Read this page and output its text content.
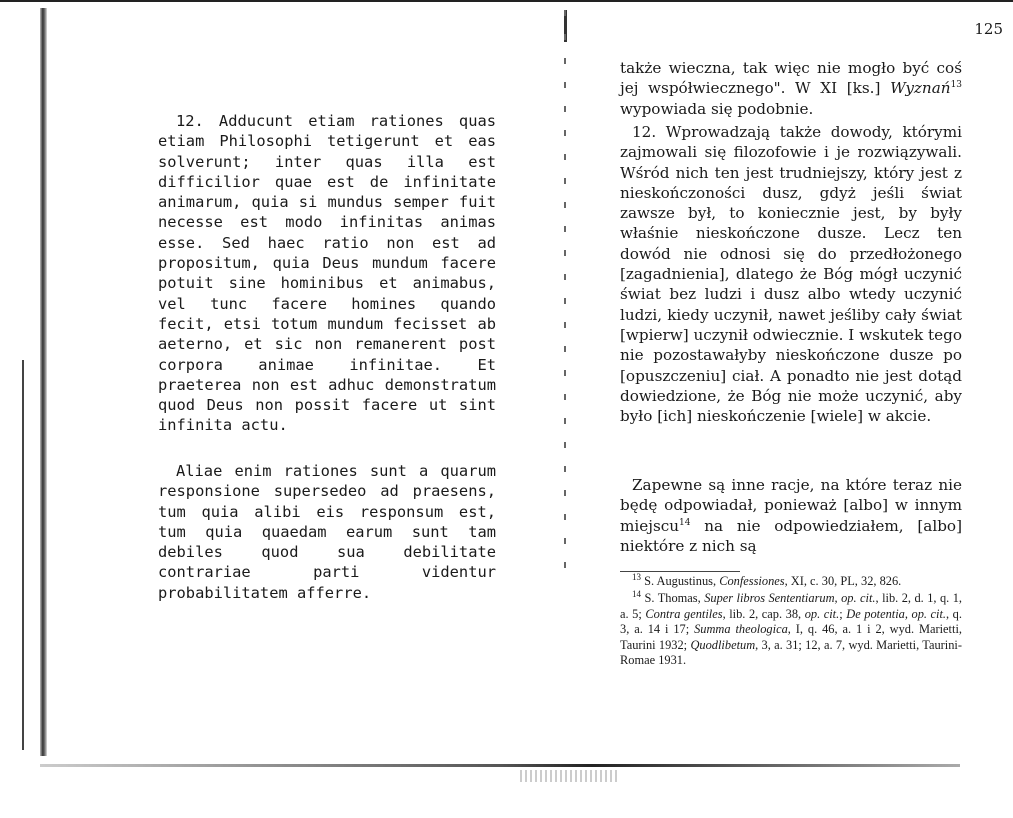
125

12. Adducunt etiam rationes quas etiam Philosophi tetigerunt et eas solverunt; inter quas illa est difficilior quae est de infinitate animarum, quia si mundus semper fuit necesse est modo infinitas animas esse. Sed haec ratio non est ad propositum, quia Deus mundum facere potuit sine hominibus et animabus, vel tunc facere homines quando fecit, etsi totum mundum fecisset ab aeterno, et sic non remanerent post corpora animae infinitae. Et praeterea non est adhuc demonstratum quod Deus non possit facere ut sint infinita actu.

Aliae enim rationes sunt a quarum responsione supersedeo ad praesens, tum quia alibi eis responsum est, tum quia quaedam earum sunt tam debiles quod sua debilitate contrariae parti videntur probabilitatem afferre.

także wieczna, tak więc nie mogło być coś jej współwiecznego". W XI [ks.] Wyznań$^{13}$ wypowiada się podobnie.

12. Wprowadzają także dowody, którymi zajmowali się filozofowie i je rozwiązywali. Wśród nich ten jest trudniejszy, który jest z nieskończoności dusz, gdyż jeśli świat zawsze był, to koniecznie jest, by były właśnie nieskończone dusze. Lecz ten dowód nie odnosi się do przedłożonego [zagadnienia], dlatego że Bóg mógł uczynić świat bez ludzi i dusz albo wtedy uczynić ludzi, kiedy uczynił, nawet jeśliby cały świat [wpierw] uczynił odwiecznie. I wskutek tego nie pozostawałyby nieskończone dusze po [opuszczeniu] ciał. A ponadto nie jest dotąd dowiedzione, że Bóg nie może uczynić, aby było [ich] nieskończenie [wiele] w akcie.

Zapewne są inne racje, na które teraz nie będę odpowiadał, ponieważ [albo] w innym miejscu$^{14}$ na nie odpowiedziałem, [albo] niektóre z nich są

$^{13}$ S. Augustinus, Confessiones, XI, c. 30, PL, 32, 826.

$^{14}$ S. Thomas, Super libros Sententiarum, op. cit., lib. 2, d. 1, q. 1, a. 5; Contra gentiles, lib. 2, cap. 38, op. cit.; De potentia, op. cit., q. 3, a. 14 i 17; Summa theologica, I, q. 46, a. 1 i 2, wyd. Marietti, Taurini 1932; Quodlibetum, 3, a. 31; 12, a. 7, wyd. Marietti, Taurini-Romae 1931.
